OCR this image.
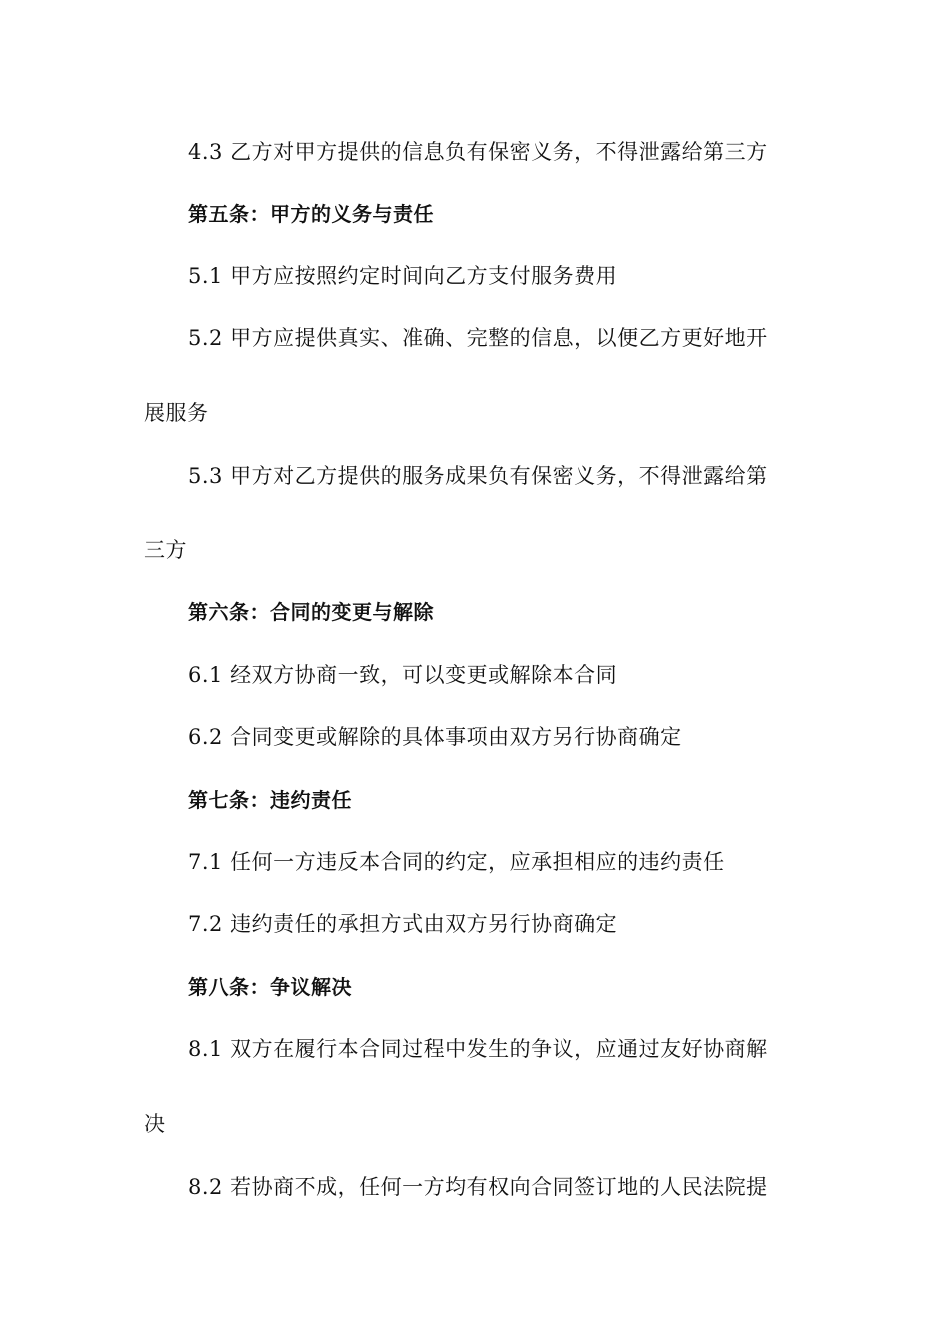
4.3 乙方对甲方提供的信息负有保密义务，不得泄露给第三方
第五条：甲方的义务与责任
5.1 甲方应按照约定时间向乙方支付服务费用
5.2 甲方应提供真实、准确、完整的信息，以便乙方更好地开
展服务
5.3 甲方对乙方提供的服务成果负有保密义务，不得泄露给第
三方
第六条：合同的变更与解除
6.1 经双方协商一致，可以变更或解除本合同
6.2 合同变更或解除的具体事项由双方另行协商确定
第七条：违约责任
7.1 任何一方违反本合同的约定，应承担相应的违约责任
7.2 违约责任的承担方式由双方另行协商确定
第八条：争议解决
8.1 双方在履行本合同过程中发生的争议，应通过友好协商解
决
8.2 若协商不成，任何一方均有权向合同签订地的人民法院提
